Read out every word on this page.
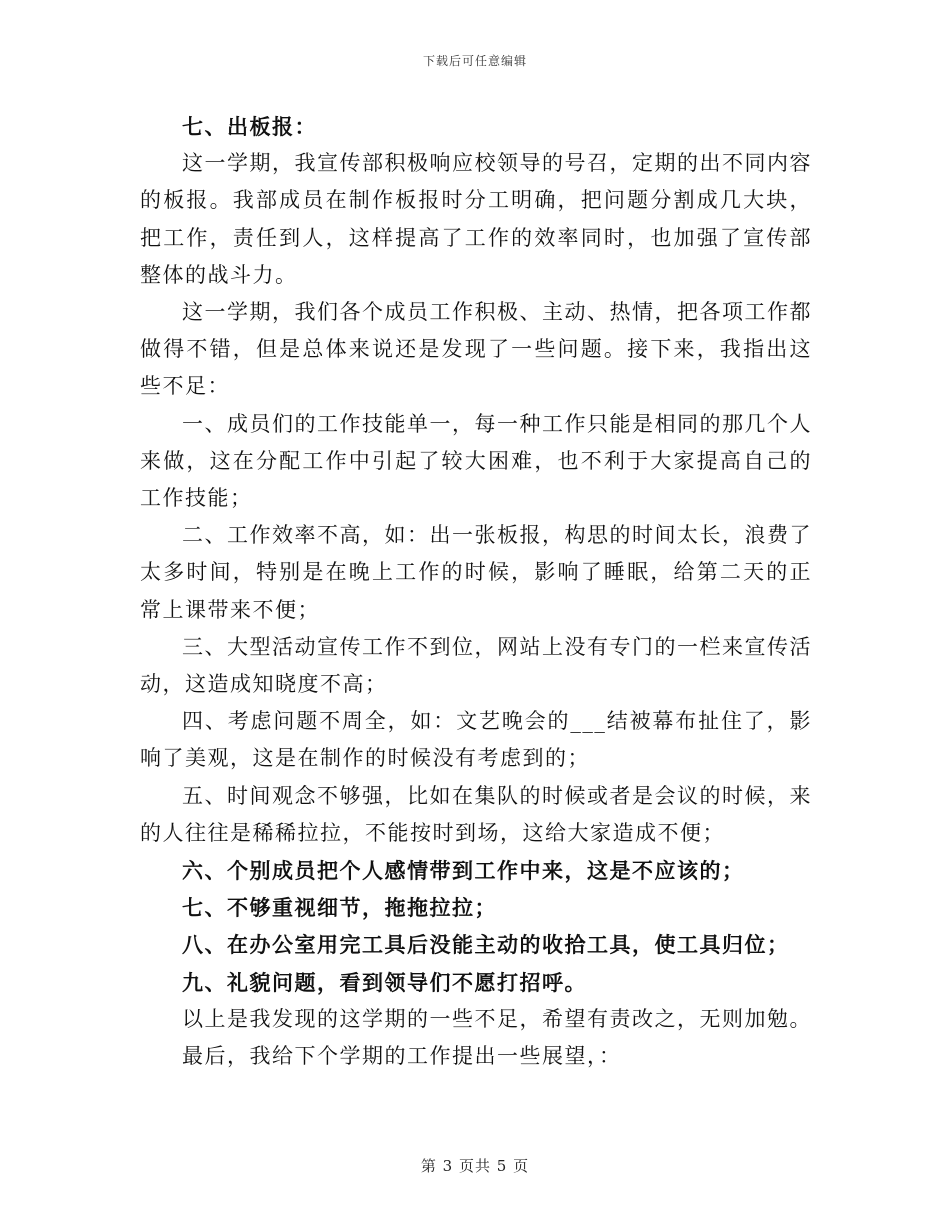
下载后可任意编辑

七、出板报：

这一学期，我宣传部积极响应校领导的号召，定期的出不同内容的板报。我部成员在制作板报时分工明确，把问题分割成几大块，把工作，责任到人，这样提高了工作的效率同时，也加强了宣传部整体的战斗力。

这一学期，我们各个成员工作积极、主动、热情，把各项工作都做得不错，但是总体来说还是发现了一些问题。接下来，我指出这些不足：

一、成员们的工作技能单一，每一种工作只能是相同的那几个人来做，这在分配工作中引起了较大困难，也不利于大家提高自己的工作技能；

二、工作效率不高，如：出一张板报，构思的时间太长，浪费了太多时间，特别是在晚上工作的时候，影响了睡眠，给第二天的正常上课带来不便；

三、大型活动宣传工作不到位，网站上没有专门的一栏来宣传活动，这造成知晓度不高；

四、考虑问题不周全，如：文艺晚会的___结被幕布扯住了，影响了美观，这是在制作的时候没有考虑到的；

五、时间观念不够强，比如在集队的时候或者是会议的时候，来的人往往是稀稀拉拉，不能按时到场，这给大家造成不便；

六、个别成员把个人感情带到工作中来，这是不应该的；

七、不够重视细节，拖拖拉拉；

八、在办公室用完工具后没能主动的收拾工具，使工具归位；

九、礼貌问题，看到领导们不愿打招呼。

以上是我发现的这学期的一些不足，希望有责改之，无则加勉。

最后，我给下个学期的工作提出一些展望，：

第 3 页共 5 页
